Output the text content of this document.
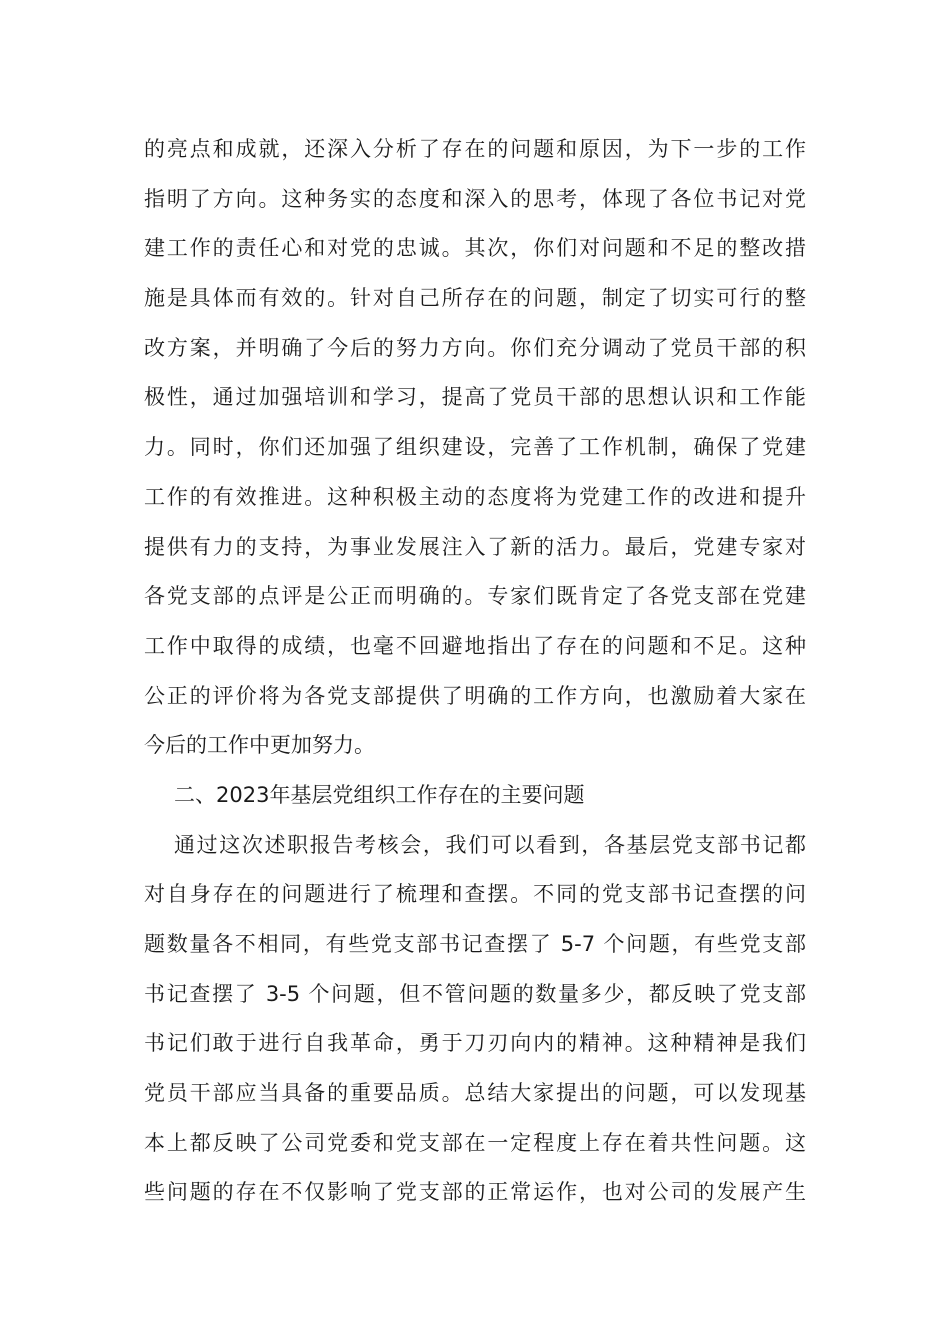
的亮点和成就，还深入分析了存在的问题和原因，为下一步的工作
指明了方向。这种务实的态度和深入的思考，体现了各位书记对党
建工作的责任心和对党的忠诚。其次，你们对问题和不足的整改措
施是具体而有效的。针对自己所存在的问题，制定了切实可行的整
改方案，并明确了今后的努力方向。你们充分调动了党员干部的积
极性，通过加强培训和学习，提高了党员干部的思想认识和工作能
力。同时，你们还加强了组织建设，完善了工作机制，确保了党建
工作的有效推进。这种积极主动的态度将为党建工作的改进和提升
提供有力的支持，为事业发展注入了新的活力。最后，党建专家对
各党支部的点评是公正而明确的。专家们既肯定了各党支部在党建
工作中取得的成绩，也毫不回避地指出了存在的问题和不足。这种
公正的评价将为各党支部提供了明确的工作方向，也激励着大家在
今后的工作中更加努力。
二、2023年基层党组织工作存在的主要问题
通过这次述职报告考核会，我们可以看到，各基层党支部书记都
对自身存在的问题进行了梳理和查摆。不同的党支部书记查摆的问
题数量各不相同，有些党支部书记查摆了 5-7 个问题，有些党支部
书记查摆了 3-5 个问题，但不管问题的数量多少，都反映了党支部
书记们敢于进行自我革命，勇于刀刃向内的精神。这种精神是我们
党员干部应当具备的重要品质。总结大家提出的问题，可以发现基
本上都反映了公司党委和党支部在一定程度上存在着共性问题。这
些问题的存在不仅影响了党支部的正常运作，也对公司的发展产生
